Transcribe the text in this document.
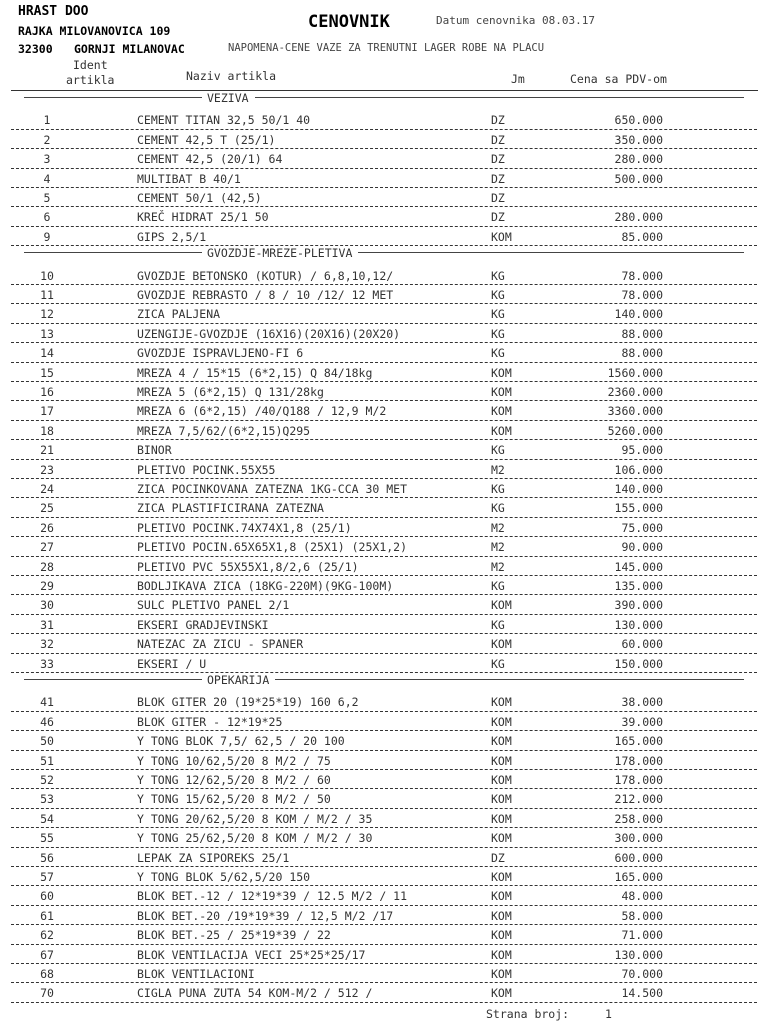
HRAST DOO
RAJKA MILOVANOVICA 109
32300 GORNJI MILANOVAC
CENOVNIK	Datum cenovnika 08.03.17
NAPOMENA-CENE VAZE ZA TRENUTNI LAGER ROBE NA PLACU
Ident
artikla	Naziv artikla	Jm	Cena sa PDV-om
VEZIVA
1	CEMENT TITAN 32,5 50/1 40	DZ	650.000
2	CEMENT 42,5 T (25/1)	DZ	350.000
3	CEMENT 42,5 (20/1) 64	DZ	280.000
4	MULTIBAT B 40/1	DZ	500.000
5	CEMENT 50/1 (42,5)	DZ
6	KREČ HIDRAT 25/1 50	DZ	280.000
9	GIPS 2,5/1	KOM	85.000
GVOZDJE-MREZE-PLETIVA
10	GVOZDJE BETONSKO (KOTUR) / 6,8,10,12/	KG	78.000
11	GVOZDJE REBRASTO / 8 / 10 /12/ 12 MET	KG	78.000
12	ZICA PALJENA	KG	140.000
13	UZENGIJE-GVOZDJE (16X16)(20X16)(20X20)	KG	88.000
14	GVOZDJE ISPRAVLJENO-FI 6	KG	88.000
15	MREZA 4 / 15*15 (6*2,15) Q 84/18kg	KOM	1560.000
16	MREZA 5 (6*2,15) Q 131/28kg	KOM	2360.000
17	MREZA 6 (6*2,15) /40/Q188 / 12,9 M/2	KOM	3360.000
18	MREZA 7,5/62/(6*2,15)Q295	KOM	5260.000
21	BINOR	KG	95.000
23	PLETIVO POCINK.55X55	M2	106.000
24	ZICA POCINKOVANA ZATEZNA 1KG-CCA 30 MET	KG	140.000
25	ZICA PLASTIFICIRANA ZATEZNA	KG	155.000
26	PLETIVO POCINK.74X74X1,8 (25/1)	M2	75.000
27	PLETIVO POCIN.65X65X1,8 (25X1) (25X1,2)	M2	90.000
28	PLETIVO PVC 55X55X1,8/2,6 (25/1)	M2	145.000
29	BODLJIKAVA ZICA (18KG-220M)(9KG-100M)	KG	135.000
30	SULC PLETIVO PANEL 2/1	KOM	390.000
31	EKSERI GRADJEVINSKI	KG	130.000
32	NATEZAC ZA ZICU - SPANER	KOM	60.000
33	EKSERI / U	KG	150.000
OPEKARIJA
41	BLOK GITER 20 (19*25*19) 160 6,2	KOM	38.000
46	BLOK GITER - 12*19*25	KOM	39.000
50	Y TONG BLOK 7,5/ 62,5 / 20 100	KOM	165.000
51	Y TONG 10/62,5/20 8 M/2 / 75	KOM	178.000
52	Y TONG 12/62,5/20 8 M/2 / 60	KOM	178.000
53	Y TONG 15/62,5/20 8 M/2 / 50	KOM	212.000
54	Y TONG 20/62,5/20 8 KOM / M/2 / 35	KOM	258.000
55	Y TONG 25/62,5/20 8 KOM / M/2 / 30	KOM	300.000
56	LEPAK ZA SIPOREKS 25/1	DZ	600.000
57	Y TONG BLOK 5/62,5/20 150	KOM	165.000
60	BLOK BET.-12 / 12*19*39 / 12.5 M/2 / 11	KOM	48.000
61	BLOK BET.-20 /19*19*39 / 12,5 M/2 /17	KOM	58.000
62	BLOK BET.-25 / 25*19*39 / 22	KOM	71.000
67	BLOK VENTILACIJA VECI 25*25*25/17	KOM	130.000
68	BLOK VENTILACIONI	KOM	70.000
70	CIGLA PUNA ZUTA 54 KOM-M/2 / 512 /	KOM	14.500
Strana broj:	1
